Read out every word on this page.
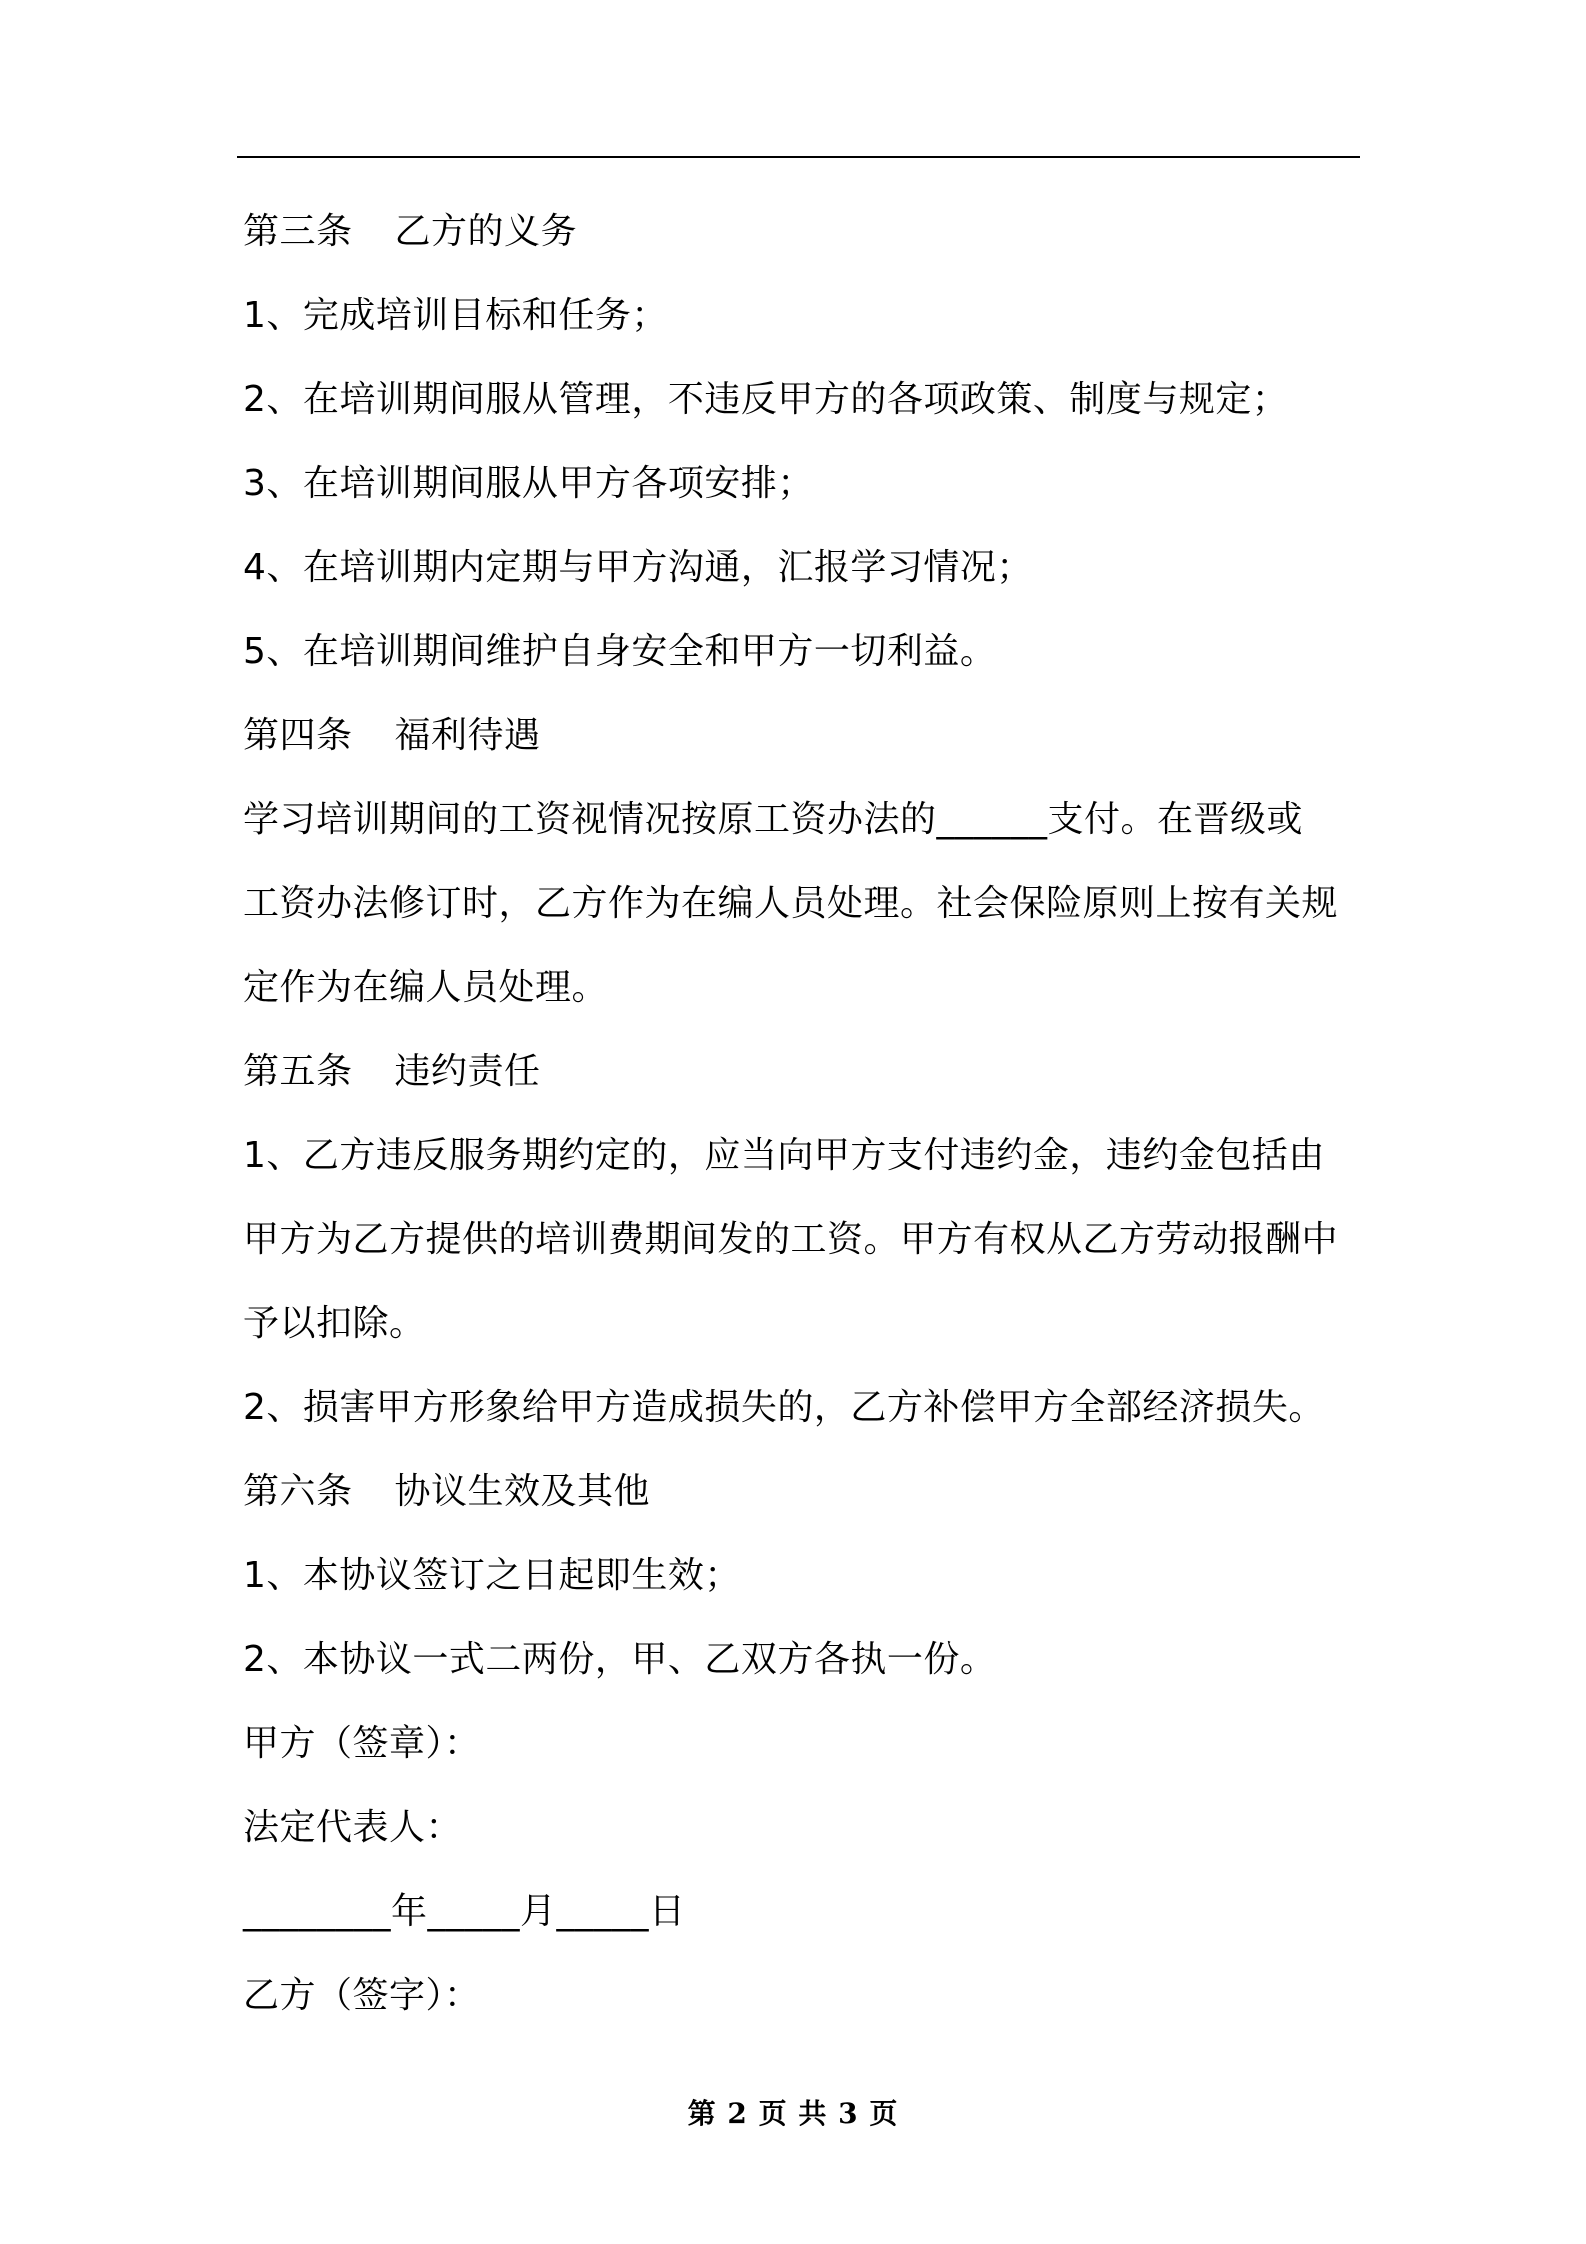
第三条 乙方的义务
1、完成培训目标和任务；
2、在培训期间服从管理，不违反甲方的各项政策、制度与规定；
3、在培训期间服从甲方各项安排；
4、在培训期内定期与甲方沟通，汇报学习情况；
5、在培训期间维护自身安全和甲方一切利益。
第四条 福利待遇
学习培训期间的工资视情况按原工资办法的______支付。在晋级或
工资办法修订时，乙方作为在编人员处理。社会保险原则上按有关规
定作为在编人员处理。
第五条 违约责任
1、乙方违反服务期约定的，应当向甲方支付违约金，违约金包括由
甲方为乙方提供的培训费期间发的工资。甲方有权从乙方劳动报酬中
予以扣除。
2、损害甲方形象给甲方造成损失的，乙方补偿甲方全部经济损失。
第六条 协议生效及其他
1、本协议签订之日起即生效；
2、本协议一式二两份，甲、乙双方各执一份。
甲方（签章）：
法定代表人：
________年_____月_____日
乙方（签字）：
第 2 页 共 3 页
